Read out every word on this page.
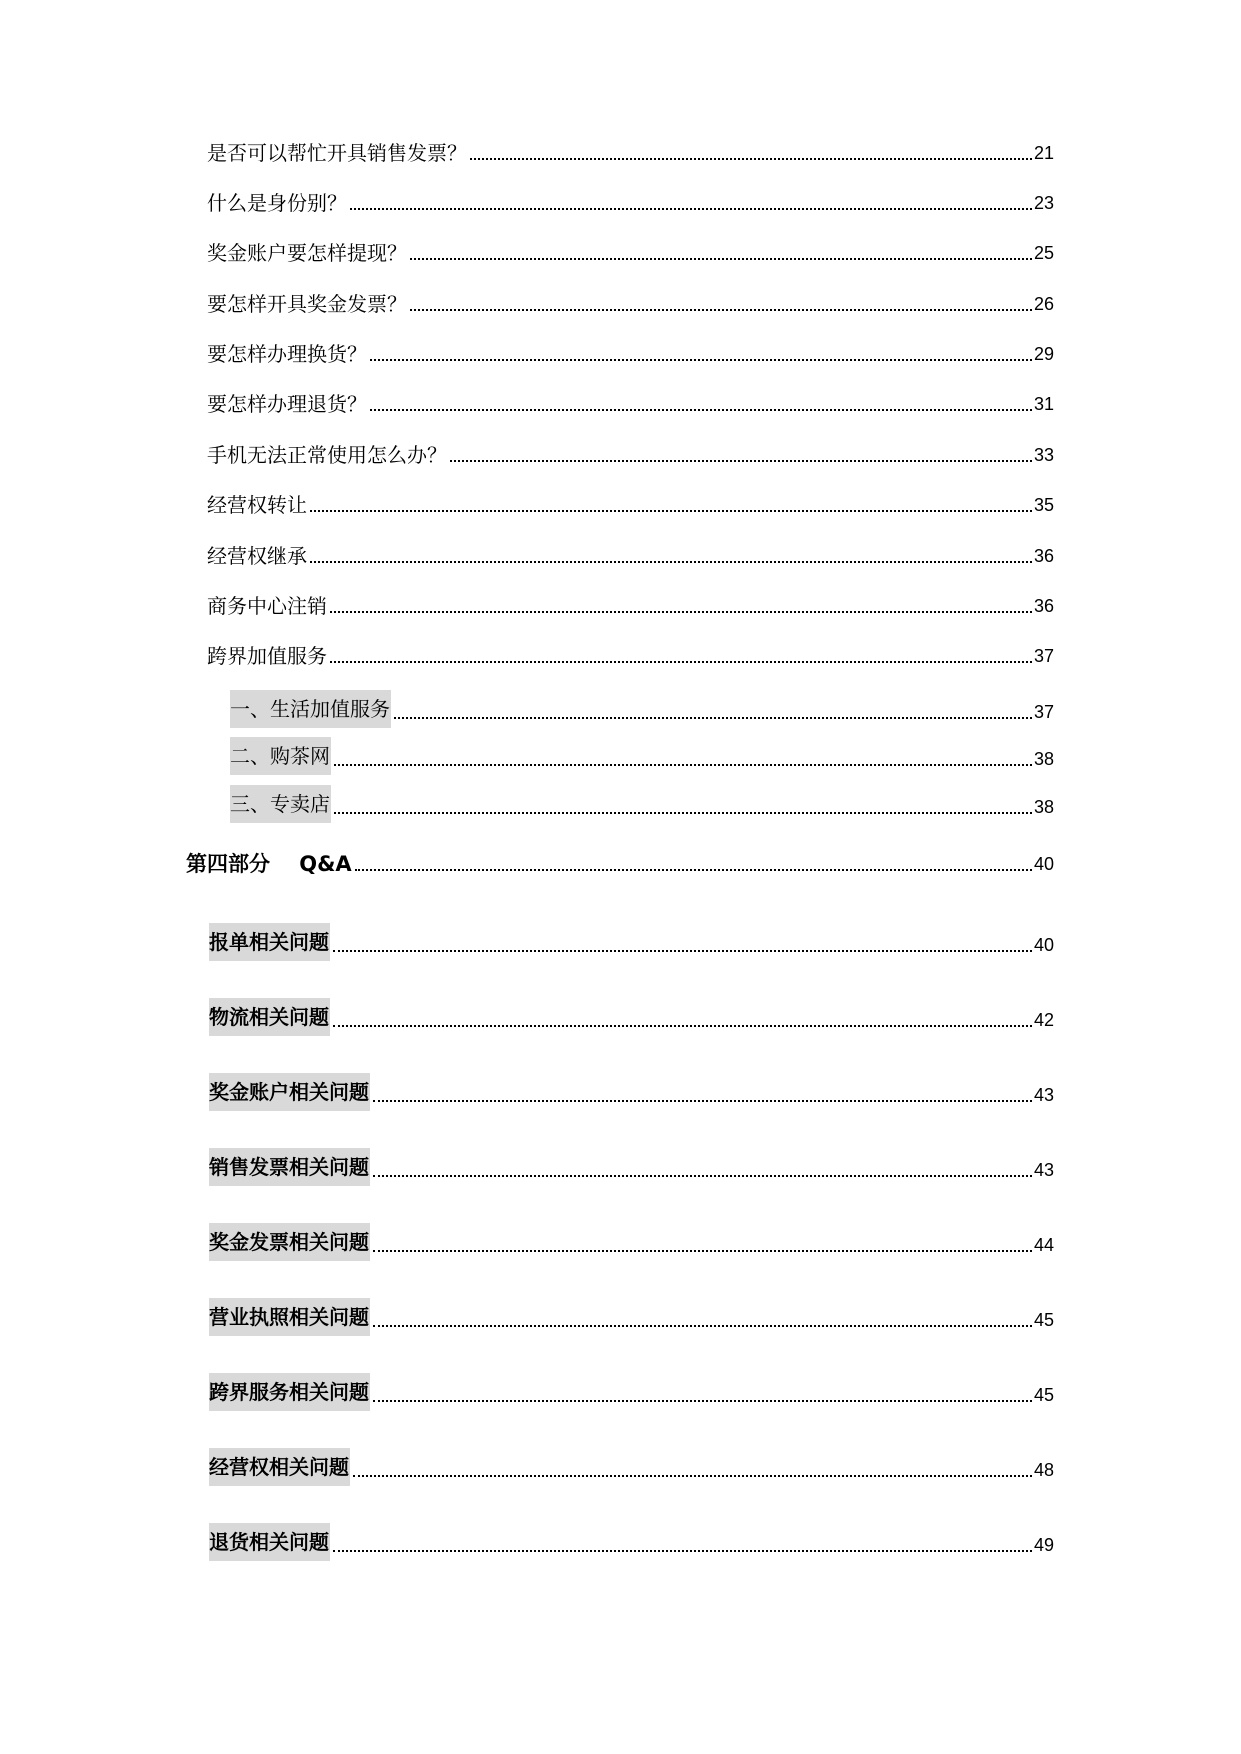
是否可以帮忙开具销售发票？	21
什么是身份别？	23
奖金账户要怎样提现？	25
要怎样开具奖金发票？	26
要怎样办理换货？	29
要怎样办理退货？	31
手机无法正常使用怎么办？	33
经营权转让	35
经营权继承	36
商务中心注销	36
跨界加值服务	37
一、生活加值服务	37
二、购茶网	38
三、专卖店	38
第四部分    Q&A	40
报单相关问题	40
物流相关问题	42
奖金账户相关问题	43
销售发票相关问题	43
奖金发票相关问题	44
营业执照相关问题	45
跨界服务相关问题	45
经营权相关问题	48
退货相关问题	49
